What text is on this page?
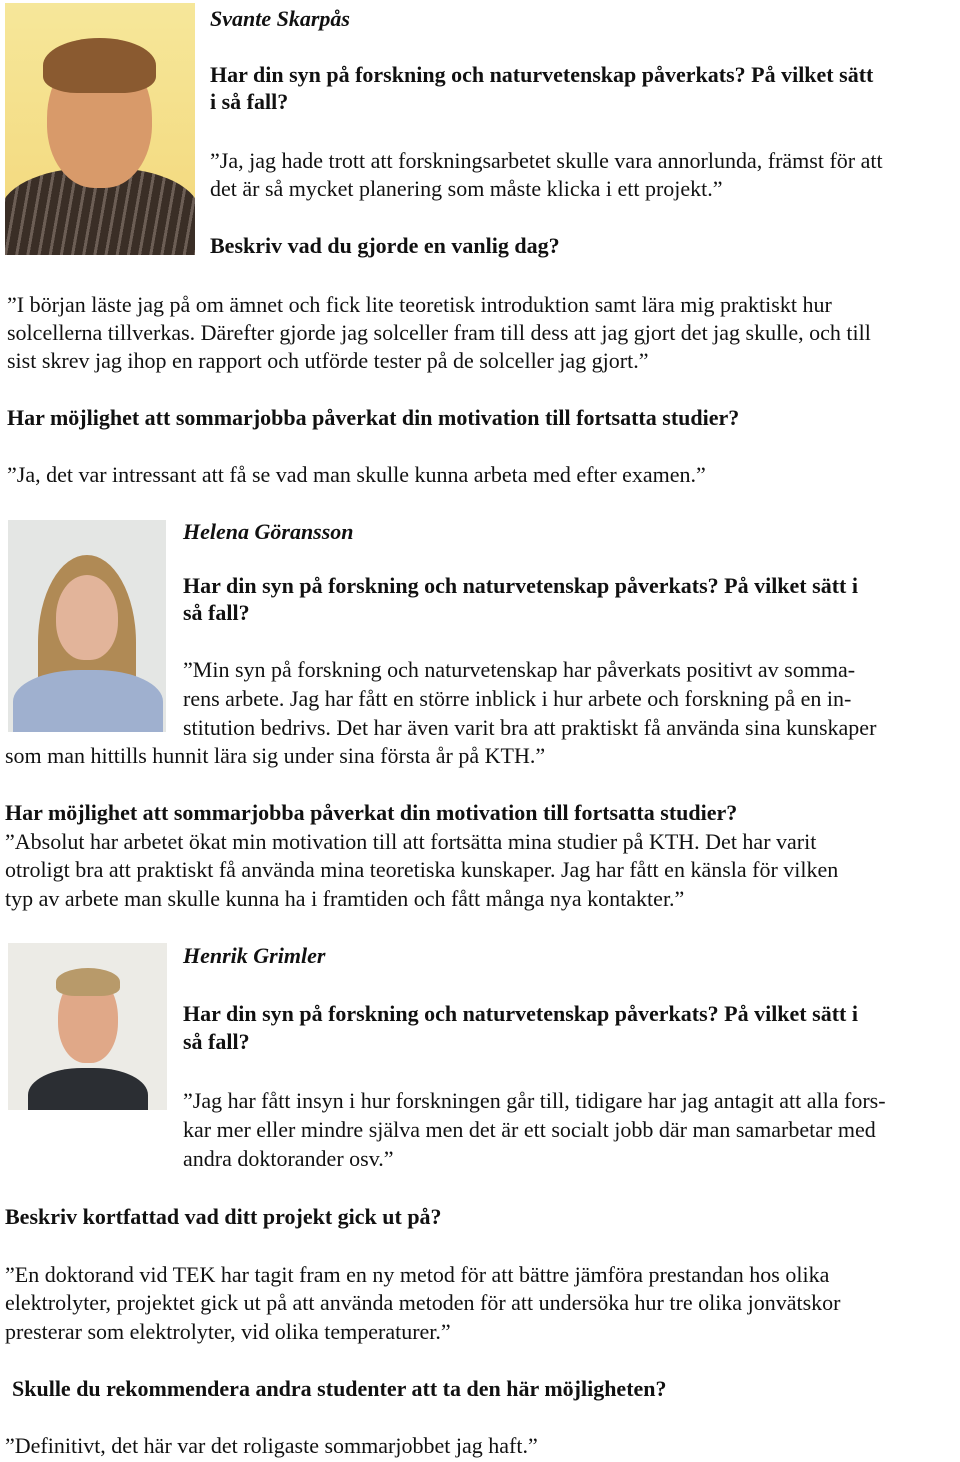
Svante Skarpås
Har din syn på forskning och naturvetenskap påverkats? På vilket sätt
i så fall?
”Ja, jag hade trott att forskningsarbetet skulle vara annorlunda, främst för att
det är så mycket planering som måste klicka i ett projekt.”
Beskriv vad du gjorde en vanlig dag?
”I början läste jag på om ämnet och fick lite teoretisk introduktion samt lära mig praktiskt hur
solcellerna tillverkas. Därefter gjorde jag solceller fram till dess att jag gjort det jag skulle, och till
sist skrev jag ihop en rapport och utförde tester på de solceller jag gjort.”
Har möjlighet att sommarjobba påverkat din motivation till fortsatta studier?
”Ja, det var intressant att få se vad man skulle kunna arbeta med efter examen.”
Helena Göransson
Har din syn på forskning och naturvetenskap påverkats? På vilket sätt i
så fall?
”Min syn på forskning och naturvetenskap har påverkats positivt av somma-
rens arbete. Jag har fått en större inblick i hur arbete och forskning på en in-
stitution bedrivs. Det har även varit bra att praktiskt få använda sina kunskaper
som man hittills hunnit lära sig under sina första år på KTH.”
Har möjlighet att sommarjobba påverkat din motivation till fortsatta studier?
”Absolut har arbetet ökat min motivation till att fortsätta mina studier på KTH. Det har varit
otroligt bra att praktiskt få använda mina teoretiska kunskaper. Jag har fått en känsla för vilken
typ av arbete man skulle kunna ha i framtiden och fått många nya kontakter.”
Henrik Grimler
Har din syn på forskning och naturvetenskap påverkats? På vilket sätt i
så fall?
”Jag har fått insyn i hur forskningen går till, tidigare har jag antagit att alla fors-
kar mer eller mindre själva men det är ett socialt jobb där man samarbetar med
andra doktorander osv.”
Beskriv kortfattad vad ditt projekt gick ut på?
”En doktorand vid TEK har tagit fram en ny metod för att bättre jämföra prestandan hos olika
elektrolyter, projektet gick ut på att använda metoden för att undersöka hur tre olika jonvätskor
presterar som elektrolyter, vid olika temperaturer.”
Skulle du rekommendera andra studenter att ta den här möjligheten?
”Definitivt, det här var det roligaste sommarjobbet jag haft.”
